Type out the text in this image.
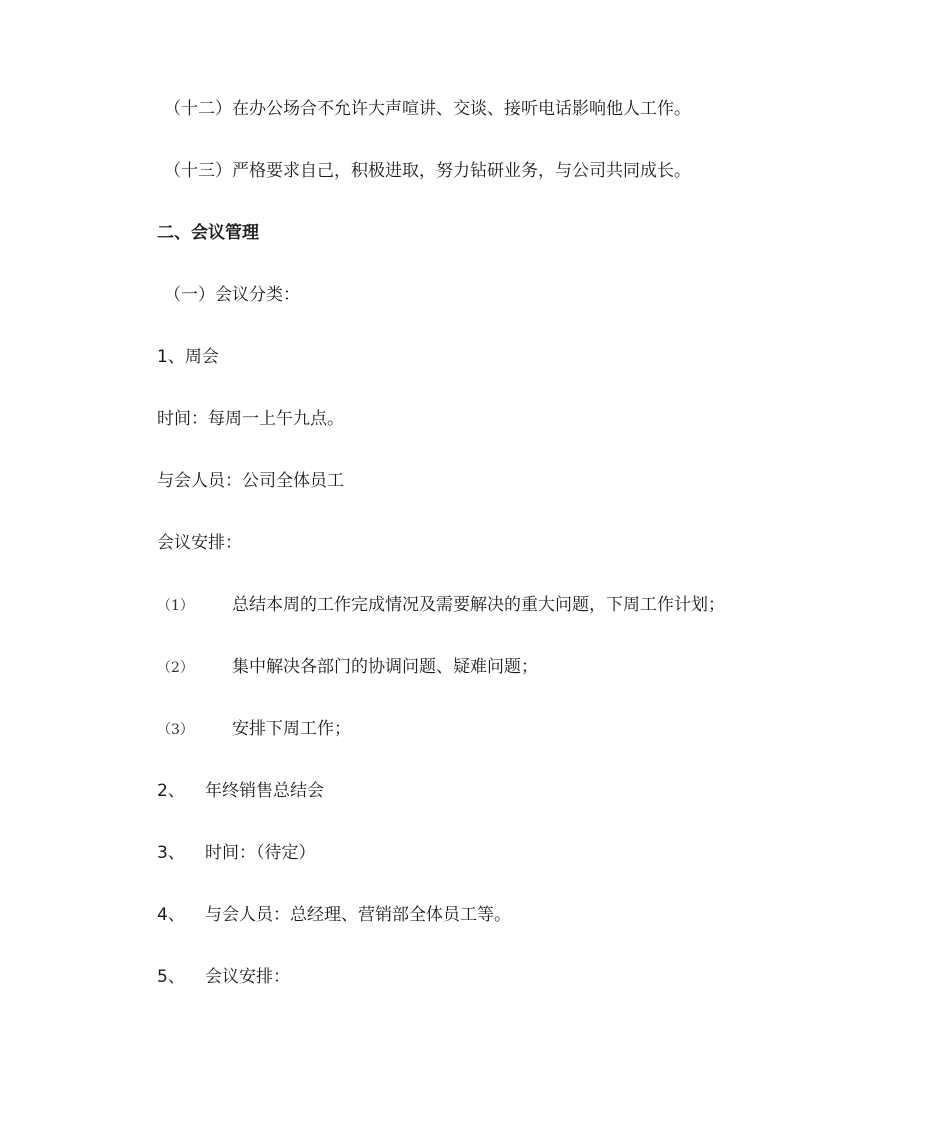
（十二）在办公场合不允许大声喧讲、交谈、接听电话影响他人工作。
（十三）严格要求自己，积极进取，努力钻研业务，与公司共同成长。
二、会议管理
（一）会议分类：
1、周会
时间：每周一上午九点。
与会人员：公司全体员工
会议安排：
（1） 总结本周的工作完成情况及需要解决的重大问题，下周工作计划；
（2） 集中解决各部门的协调问题、疑难问题；
（3） 安排下周工作；
2、 年终销售总结会
3、 时间：（待定）
4、 与会人员：总经理、营销部全体员工等。
5、 会议安排：
